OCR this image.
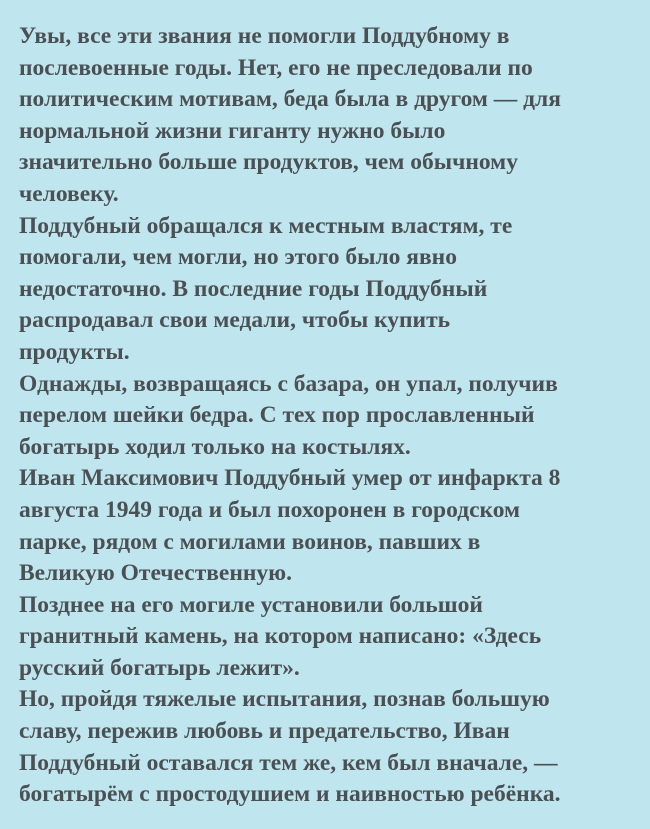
Увы, все эти звания не помогли Поддубному в
послевоенные годы. Нет, его не преследовали по
политическим мотивам, беда была в другом — для
нормальной жизни гиганту нужно было
значительно больше продуктов, чем обычному
человеку.
Поддубный обращался к местным властям, те
помогали, чем могли, но этого было явно
недостаточно. В последние годы Поддубный
распродавал свои медали, чтобы купить
продукты.
Однажды, возвращаясь с базара, он упал, получив
перелом шейки бедра. С тех пор прославленный
богатырь ходил только на костылях.
Иван Максимович Поддубный умер от инфаркта 8
августа 1949 года и был похоронен в городском
парке, рядом с могилами воинов, павших в
Великую Отечественную.
Позднее на его могиле установили большой
гранитный камень, на котором написано: «Здесь
русский богатырь лежит».
Но, пройдя тяжелые испытания, познав большую
славу, пережив любовь и предательство, Иван
Поддубный оставался тем же, кем был вначале, —
богатырём с простодушием и наивностью ребёнка.
